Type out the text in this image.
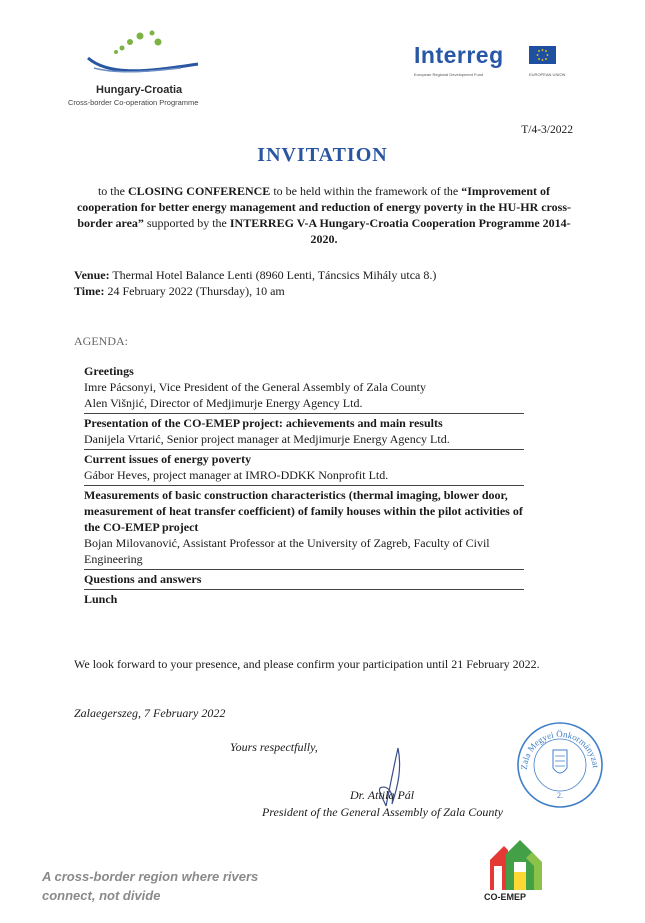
Hungary-Croatia
Cross-border Co-operation Programme
Interreg
European Regional Development Fund	EUROPEAN UNION
T/4-3/2022
INVITATION
to the CLOSING CONFERENCE to be held within the framework of the “Improvement of cooperation for better energy management and reduction of energy poverty in the HU-HR cross-border area” supported by the INTERREG V-A Hungary-Croatia Cooperation Programme 2014-2020.
Venue: Thermal Hotel Balance Lenti (8960 Lenti, Táncsics Mihály utca 8.)
Time: 24 February 2022 (Thursday), 10 am
AGENDA:
Greetings
Imre Pácsonyi, Vice President of the General Assembly of Zala County
Alen Višnjić, Director of Medjimurje Energy Agency Ltd.
Presentation of the CO-EMEP project: achievements and main results
Danijela Vrtarić, Senior project manager at Medjimurje Energy Agency Ltd.
Current issues of energy poverty
Gábor Heves, project manager at IMRO-DDKK Nonprofit Ltd.
Measurements of basic construction characteristics (thermal imaging, blower door, measurement of heat transfer coefficient) of family houses within the pilot activities of the CO-EMEP project
Bojan Milovanović, Assistant Professor at the University of Zagreb, Faculty of Civil Engineering
Questions and answers
Lunch
We look forward to your presence, and please confirm your participation until 21 February 2022.
Zalaegerszeg, 7 February 2022
Yours respectfully,
Dr. Attila Pál
President of the General Assembly of Zala County
Zala Megyei Önkormányzat
2.
A cross-border region where rivers
connect, not divide	CO-EMEP
